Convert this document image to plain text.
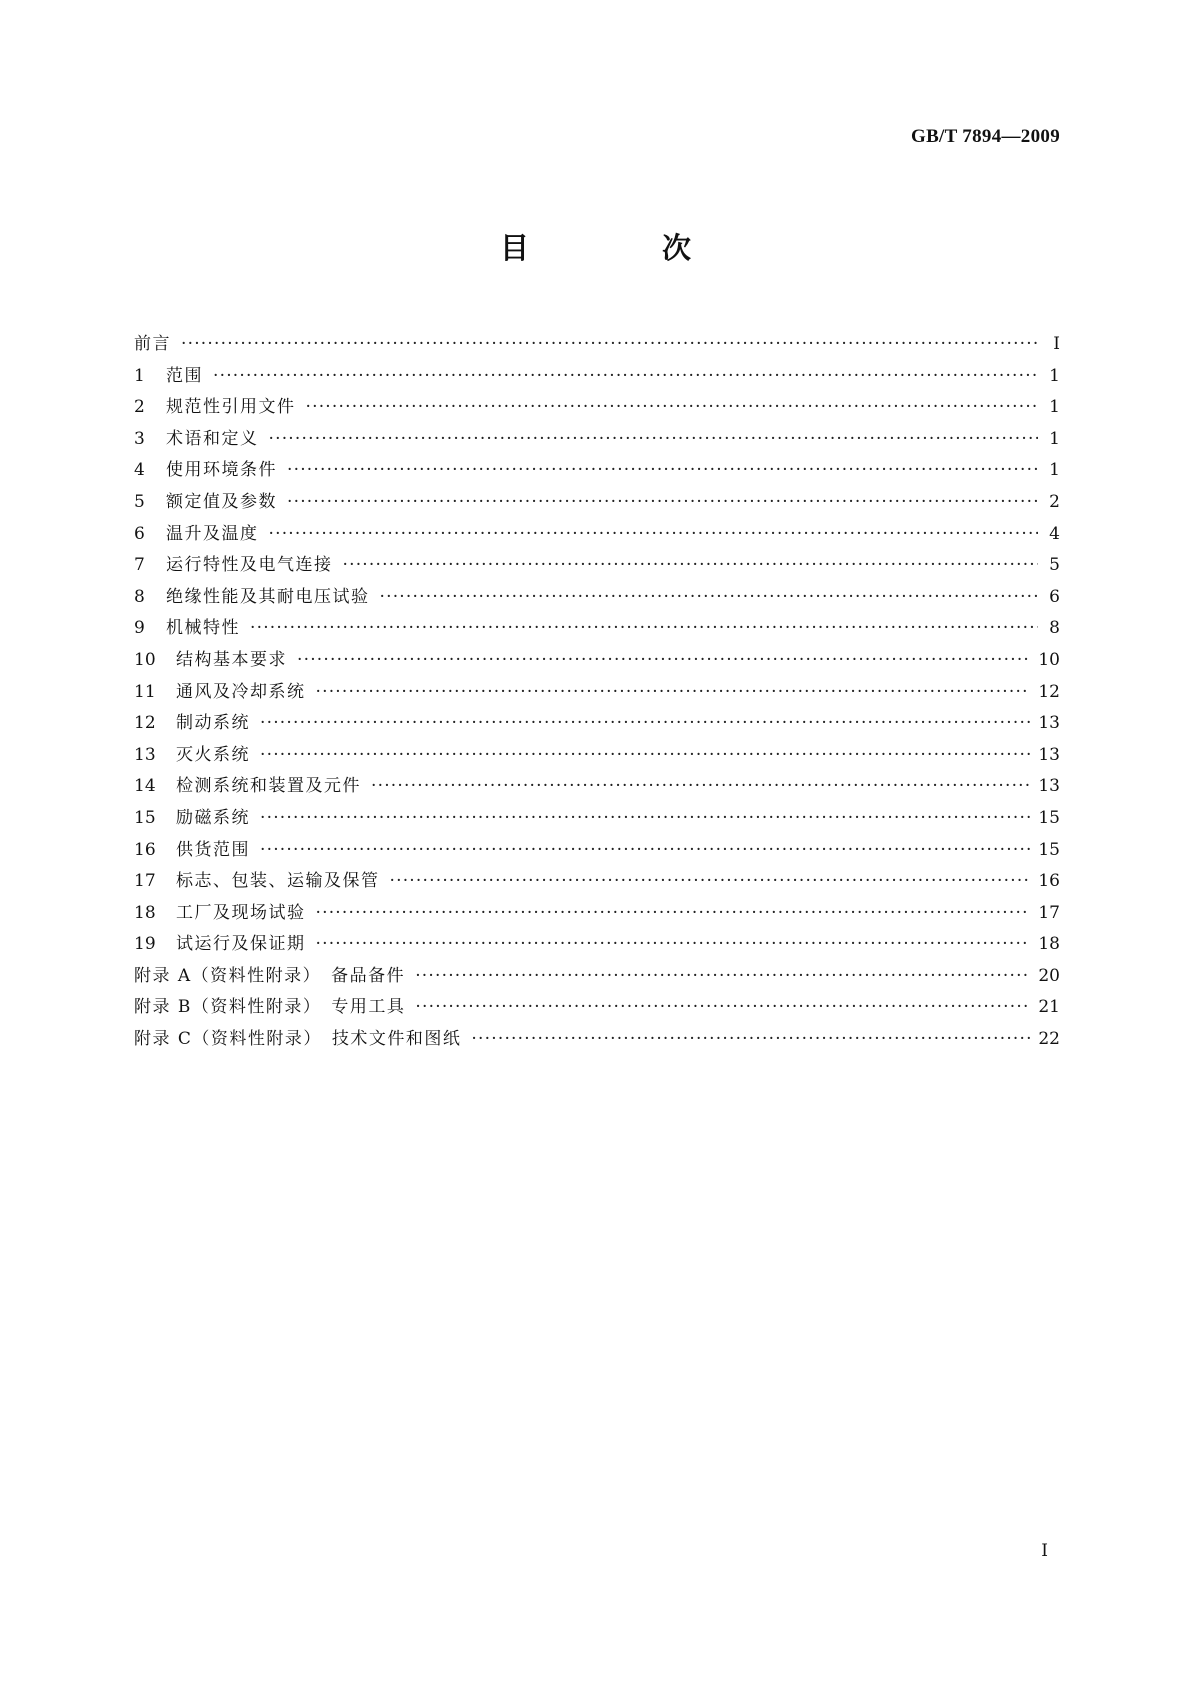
GB/T 7894—2009
目　次
前言 ·····	Ⅰ
1	范围 ·····	1
2	规范性引用文件 ·····	1
3	术语和定义 ·····	1
4	使用环境条件 ·····	1
5	额定值及参数 ·····	2
6	温升及温度 ·····	4
7	运行特性及电气连接 ·····	5
8	绝缘性能及其耐电压试验 ·····	6
9	机械特性 ·····	8
10	结构基本要求 ·····	10
11	通风及冷却系统 ·····	12
12	制动系统 ·····	13
13	灭火系统 ·····	13
14	检测系统和装置及元件 ·····	13
15	励磁系统 ·····	15
16	供货范围 ·····	15
17	标志、包装、运输及保管 ·····	16
18	工厂及现场试验 ·····	17
19	试运行及保证期 ·····	18
附录 A（资料性附录）　备品备件 ·····	20
附录 B（资料性附录）　专用工具 ·····	21
附录 C（资料性附录）　技术文件和图纸 ·····	22
Ⅰ
